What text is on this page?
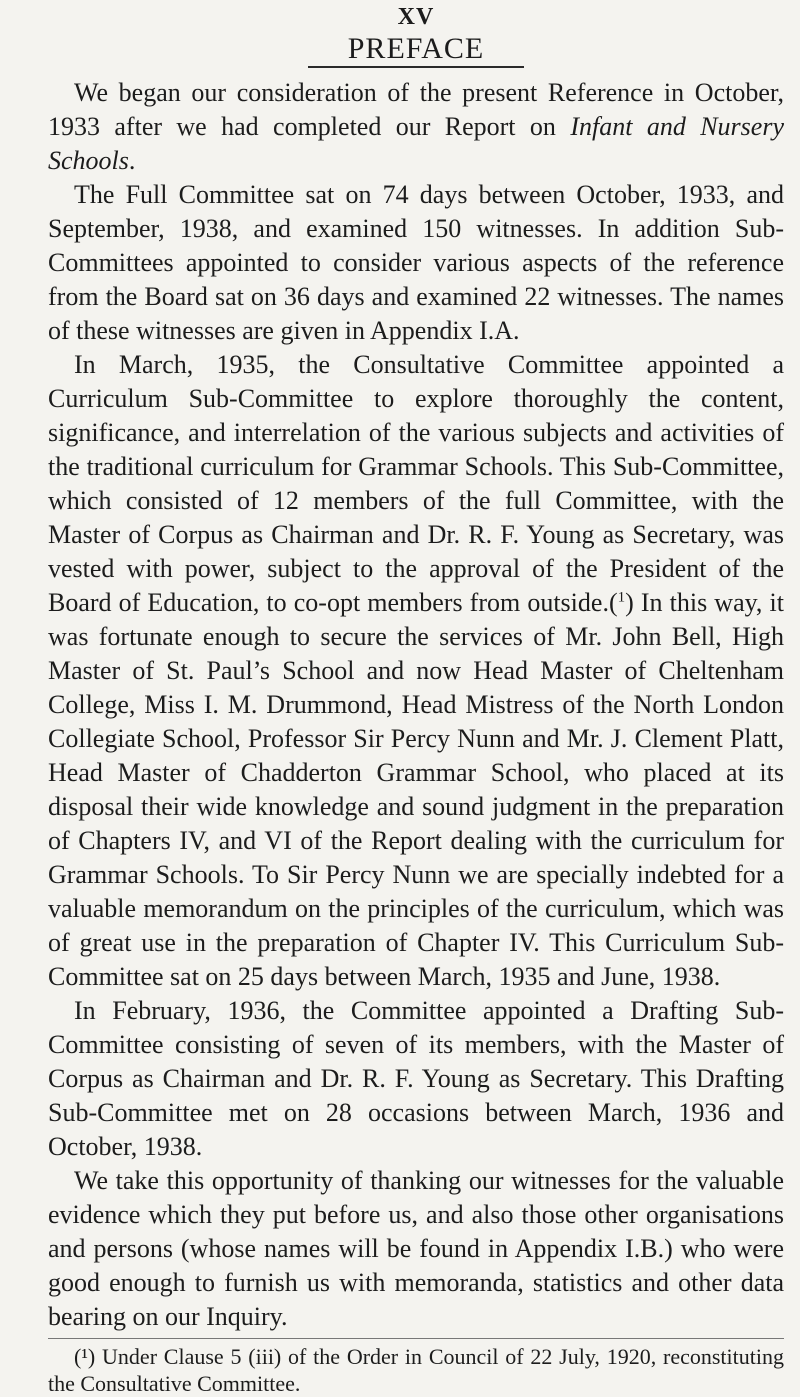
XV
PREFACE

We began our consideration of the present Reference in October, 1933 after we had completed our Report on Infant and Nursery Schools.

The Full Committee sat on 74 days between October, 1933, and September, 1938, and examined 150 witnesses. In addition Sub-Committees appointed to consider various aspects of the reference from the Board sat on 36 days and examined 22 witnesses. The names of these witnesses are given in Appendix I.A.

In March, 1935, the Consultative Committee appointed a Curriculum Sub-Committee to explore thoroughly the content, significance, and interrelation of the various subjects and activities of the traditional curriculum for Grammar Schools. This Sub-Committee, which consisted of 12 members of the full Committee, with the Master of Corpus as Chairman and Dr. R. F. Young as Secretary, was vested with power, subject to the approval of the President of the Board of Education, to co-opt members from outside.($^1$) In this way, it was fortunate enough to secure the services of Mr. John Bell, High Master of St. Paul’s School and now Head Master of Cheltenham College, Miss I. M. Drummond, Head Mistress of the North London Collegiate School, Professor Sir Percy Nunn and Mr. J. Clement Platt, Head Master of Chadderton Grammar School, who placed at its disposal their wide knowledge and sound judgment in the preparation of Chapters IV, and VI of the Report dealing with the curriculum for Grammar Schools. To Sir Percy Nunn we are specially indebted for a valuable memorandum on the principles of the curriculum, which was of great use in the preparation of Chapter IV. This Curriculum Sub-Committee sat on 25 days between March, 1935 and June, 1938.

In February, 1936, the Committee appointed a Drafting Sub-Committee consisting of seven of its members, with the Master of Corpus as Chairman and Dr. R. F. Young as Secretary. This Drafting Sub-Committee met on 28 occasions between March, 1936 and October, 1938.

We take this opportunity of thanking our witnesses for the valuable evidence which they put before us, and also those other organisations and persons (whose names will be found in Appendix I.B.) who were good enough to furnish us with memoranda, statistics and other data bearing on our Inquiry.

(¹) Under Clause 5 (iii) of the Order in Council of 22 July, 1920, reconstituting the Consultative Committee.
